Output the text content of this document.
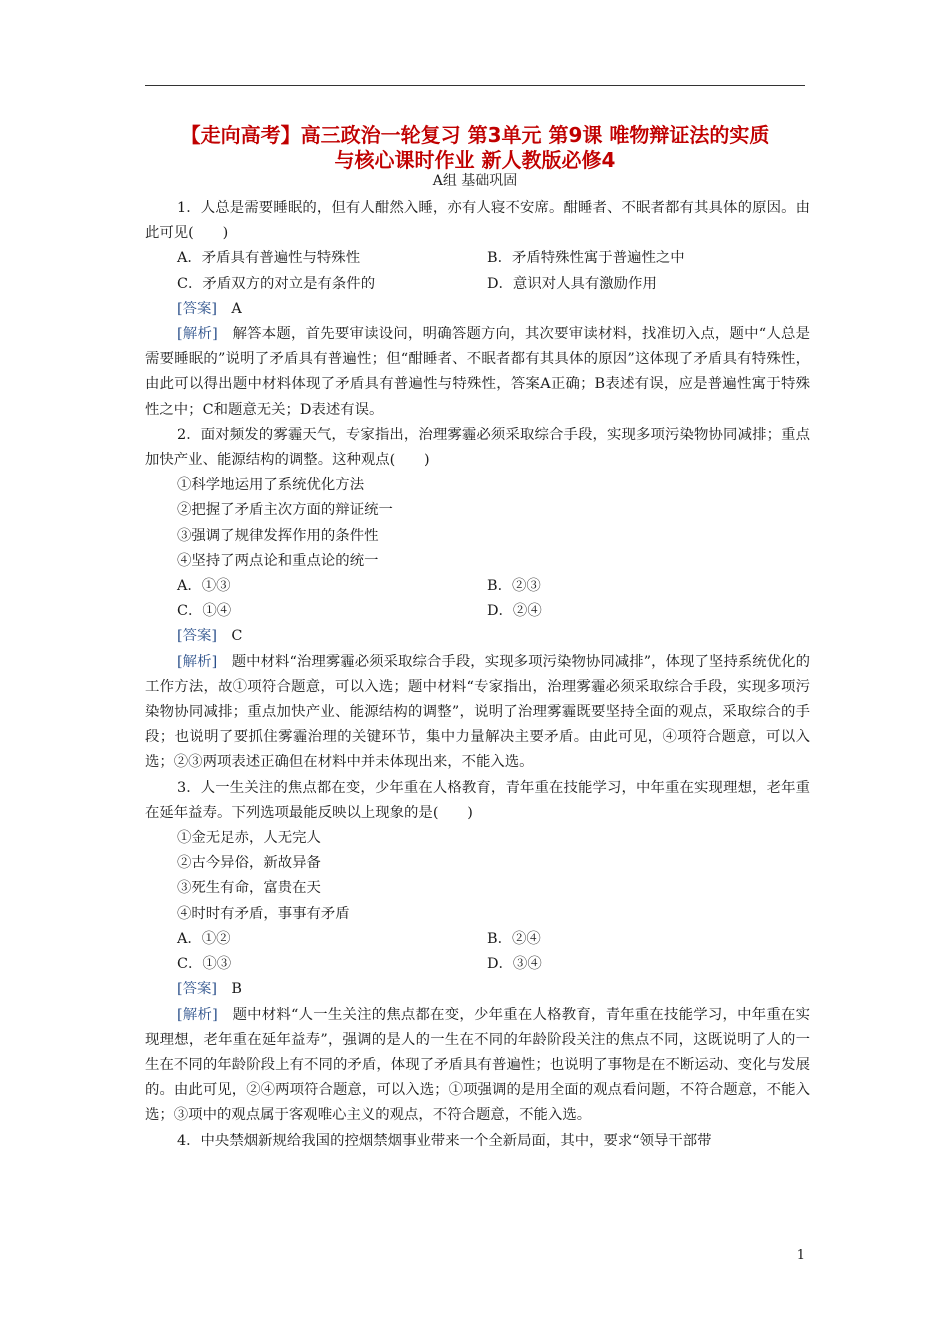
【走向高考】高三政治一轮复习 第3单元 第9课 唯物辩证法的实质
与核心课时作业 新人教版必修4
A组 基础巩固

1．人总是需要睡眠的，但有人酣然入睡，亦有人寝不安席。酣睡者、不眠者都有其具体的原因。由此可见(　　)

A．矛盾具有普遍性与特殊性	B．矛盾特殊性寓于普遍性之中
C．矛盾双方的对立是有条件的	D．意识对人具有激励作用

[答案]　 A

[解析]　 解答本题，首先要审读设问，明确答题方向，其次要审读材料，找准切入点，题中“人总是需要睡眠的”说明了矛盾具有普遍性；但“酣睡者、不眠者都有其具体的原因”这体现了矛盾具有特殊性，由此可以得出题中材料体现了矛盾具有普遍性与特殊性，答案A正确；B表述有误，应是普遍性寓于特殊性之中；C和题意无关；D表述有误。

2．面对频发的雾霾天气，专家指出，治理雾霾必须采取综合手段，实现多项污染物协同减排；重点加快产业、能源结构的调整。这种观点(　　)

①科学地运用了系统优化方法

②把握了矛盾主次方面的辩证统一

③强调了规律发挥作用的条件性

④坚持了两点论和重点论的统一

A．①③	B．②③
C．①④	D．②④

[答案]　 C

[解析]　 题中材料“治理雾霾必须采取综合手段，实现多项污染物协同减排”，体现了坚持系统优化的工作方法，故①项符合题意，可以入选；题中材料“专家指出，治理雾霾必须采取综合手段，实现多项污染物协同减排；重点加快产业、能源结构的调整”，说明了治理雾霾既要坚持全面的观点，采取综合的手段；也说明了要抓住雾霾治理的关键环节，集中力量解决主要矛盾。由此可见，④项符合题意，可以入选；②③两项表述正确但在材料中并未体现出来，不能入选。

3．人一生关注的焦点都在变，少年重在人格教育，青年重在技能学习，中年重在实现理想，老年重在延年益寿。下列选项最能反映以上现象的是(　　)

①金无足赤，人无完人

②古今异俗，新故异备

③死生有命，富贵在天

④时时有矛盾，事事有矛盾

A．①②	B．②④
C．①③	D．③④

[答案]　 B

[解析]　 题中材料“人一生关注的焦点都在变，少年重在人格教育，青年重在技能学习，中年重在实现理想，老年重在延年益寿”，强调的是人的一生在不同的年龄阶段关注的焦点不同，这既说明了人的一生在不同的年龄阶段上有不同的矛盾，体现了矛盾具有普遍性；也说明了事物是在不断运动、变化与发展的。由此可见，②④两项符合题意，可以入选；①项强调的是用全面的观点看问题，不符合题意，不能入选；③项中的观点属于客观唯心主义的观点，不符合题意，不能入选。

4．中央禁烟新规给我国的控烟禁烟事业带来一个全新局面，其中，要求“领导干部带

1
